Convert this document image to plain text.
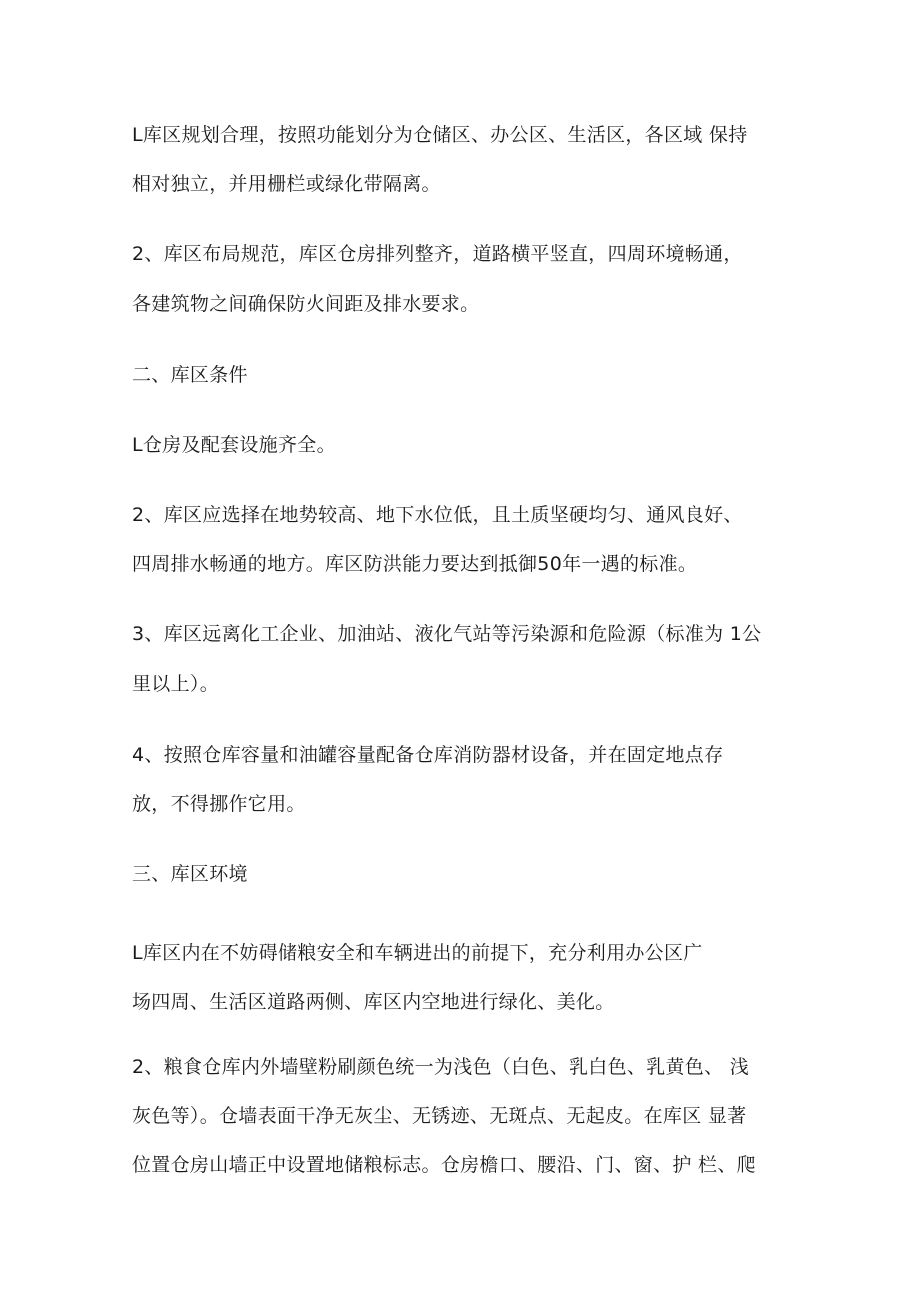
L库区规划合理，按照功能划分为仓储区、办公区、生活区，各区域 保持
相对独立，并用栅栏或绿化带隔离。
2、库区布局规范，库区仓房排列整齐，道路横平竖直，四周环境畅通，
各建筑物之间确保防火间距及排水要求。
二、库区条件
L仓房及配套设施齐全。
2、库区应选择在地势较高、地下水位低，且土质坚硬均匀、通风良好、
四周排水畅通的地方。库区防洪能力要达到抵御50年一遇的标准。
3、库区远离化工企业、加油站、液化气站等污染源和危险源（标准为 1公
里以上）。
4、按照仓库容量和油罐容量配备仓库消防器材设备，并在固定地点存
放，不得挪作它用。
三、库区环境
L库区内在不妨碍储粮安全和车辆进出的前提下，充分利用办公区广
场四周、生活区道路两侧、库区内空地进行绿化、美化。
2、粮食仓库内外墙壁粉刷颜色统一为浅色（白色、乳白色、乳黄色、 浅
灰色等）。仓墙表面干净无灰尘、无锈迹、无斑点、无起皮。在库区 显著
位置仓房山墙正中设置地储粮标志。仓房檐口、腰沿、门、窗、护 栏、爬
